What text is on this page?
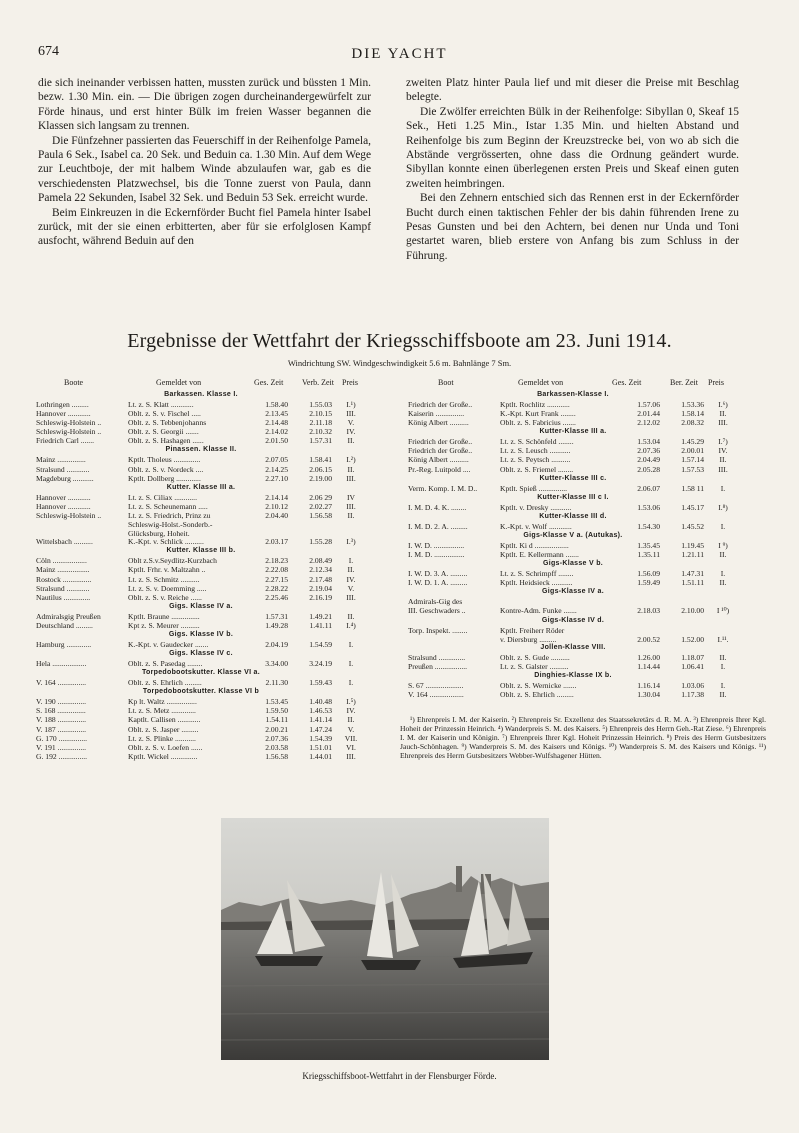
674	DIE YACHT

die sich ineinander verbissen hatten, mussten zurück und büssten 1 Min. bezw. 1.30 Min. ein. — Die übrigen zogen durcheinandergewürfelt zur Förde hinaus, und erst hinter Bülk im freien Wasser begannen die Klassen sich langsam zu trennen.

Die Fünfzehner passierten das Feuerschiff in der Reihenfolge Pamela, Paula 6 Sek., Isabel ca. 20 Sek. und Beduin ca. 1.30 Min. Auf dem Wege zur Leuchtboje, der mit halbem Winde abzulaufen war, gab es die verschiedensten Platzwechsel, bis die Tonne zuerst von Paula, dann Pamela 22 Sekunden, Isabel 32 Sek. und Beduin 53 Sek. erreicht wurde.

Beim Einkreuzen in die Eckernförder Bucht fiel Pamela hinter Isabel zurück, mit der sie einen erbitterten, aber für sie erfolglosen Kampf ausfocht, während Beduin auf den

zweiten Platz hinter Paula lief und mit dieser die Preise mit Beschlag belegte.

Die Zwölfer erreichten Bülk in der Reihenfolge: Sibyllan 0, Skeaf 15 Sek., Heti 1.25 Min., Istar 1.35 Min. und hielten Abstand und Reihenfolge bis zum Beginn der Kreuzstrecke bei, von wo ab sich die Abstände vergrösserten, ohne dass die Ordnung geändert wurde. Sibyllan konnte einen überlegenen ersten Preis und Skeaf einen guten zweiten heimbringen.

Bei den Zehnern entschied sich das Rennen erst in der Eckernförder Bucht durch einen taktischen Fehler der bis dahin führenden Irene zu Pesas Gunsten und bei den Achtern, bei denen nur Unda und Toni gestartet waren, blieb erstere von Anfang bis zum Schluss in der Führung.

Ergebnisse der Wettfahrt der Kriegsschiffsboote am 23. Juni 1914.
Windrichtung SW. Windgeschwindigkeit 5.6 m. Bahnlänge 7 Sm.
Boote	Gemeldet von	Ges. Zeit Verb. Zeit Preis
Barkassen. Klasse I.
Lothringen .........	Lt. z. S. Klatt ............	1.58.40	1.55.03	I.¹)
Hannover ............	Oblt. z. S. v. Fischel .....	2.13.45	2.10.15	III.
Schleswig-Holstein ..	Oblt. z. S. Tebbenjohanns	2.14.48	2.11.18	V.
Schleswig-Holstein ..	Oblt. z. S. Georgii .......	2.14.02	2.10.32	IV.
Friedrich Carl .......	Oblt. z. S. Hashagen ......	2.01.50	1.57.31	II.
Pinassen. Klasse II.
Mainz ...............	Kptlt. Tholeus ..............	2.07.05	1.58.41	I.²)
Stralsund ............	Oblt. z. S. v. Nordeck ....	2.14.25	2.06.15	II.
Magdeburg ...........	Kptlt. Dollberg .............	2.27.10	2.19.00	III.
Kutter. Klasse III a.
Hannover ............	Lt. z. S. Ciliax ............	2.14.14	2.06 29	IV
Hannover ............	Lt. z. S. Scheunemann .....	2.10.12	2.02.27	III.
Schleswig-Holstein ..	Lt. z. S. Friedrich, Prinz zu	2.04.40	1.56.58	II.
Schleswig-Holst.-Sonderb.-
Glücksburg, Hoheit.
Wittelsbach ..........	K.-Kpt. v. Schlick ..........	2.03.17	1.55.28	I.³)
Kutter. Klasse III b.
Cöln ..................	Oblt z.S.v.Seydlitz-Kurzbach	2.18.23	2.08.49	I.
Mainz .................	Kptlt. Frhr. v. Maltzahn ..	2.22.08	2.12.34	II.
Rostock ...............	Lt. z. S. Schmitz ..........	2.27.15	2.17.48	IV.
Stralsund ............	Lt. z. S. v. Doemming .....	2.28.22	2.19.04	V.
Nautilus ..............	Oblt. z. S. v. Reiche ......	2.25.46	2.16.19	III.
Gigs. Klasse IV a.
Admiralsgig Preußen	Kptlt. Braune ...............	1.57.31	1.49.21	II.
Deutschland .........	Kpt z. S. Meurer ..........	1.49.28	1.41.11	I.⁴)
Gigs. Klasse IV b.
Hamburg .............	K.-Kpt. v. Gaudecker .......	2.04.19	1.54.59	I.
Gigs. Klasse IV c.
Hela ..................	Oblt. z. S. Pasedag ........	3.34.00	3.24.19	I.
Torpedobootskutter. Klasse VI a.
V. 164 ...............	Oblt. z. S. Ehrlich .........	2.11.30	1.59.43	I.
Torpedobootskutter. Klasse VI b
V. 190 ...............	Kp lt. Waltz ................	1.53.45	1.40.48	I.⁵)
S. 168 ...............	Lt. z. S. Metz .............	1.59.50	1.46.53	IV.
V. 188 ...............	Kaptlt. Callisen ............	1.54.11	1.41.14	II.
V. 187 ...............	Oblt. z. S. Jasper .........	2.00.21	1.47.24	V.
G. 170 ...............	Lt. z. S. Plinke ...........	2.07.36	1.54.39	VII.
V. 191 ...............	Oblt. z. S. v. Loefen ......	2.03.58	1.51.01	VI.
G. 192 ...............	Kptlt. Wickel ..............	1.56.58	1.44.01	III.
Boot	Gemeldet von	Ges. Zeit	Ber. Zeit Preis
Barkassen-Klasse I.
Friedrich der Große..	Kptlt. Rochlitz ............	1.57.06	1.53.36	I.⁶)
Kaiserin ...............	K.-Kpt. Kurt Frank ........	2.01.44	1.58.14	II.
König Albert ..........	Oblt. z. S. Fabricius .......	2.12.02	2.08.32	III.
Kutter-Klasse III a.
Friedrich der Große..	Lt. z. S. Schönfeld ........	1.53.04	1.45.29	I.⁷)
Friedrich der Große..	Lt. z. S. Leusch ...........	2.07.36	2.00.01	IV.
König Albert ..........	Lt. z. S. Peytsch ..........	2.04.49	1.57.14	II.
Pr.-Reg. Luitpold ....	Oblt. z. S. Friemel ........	2.05.28	1.57.53	III.
Kutter-Klasse III c.
Verm. Komp. I. M. D..	Kptlt. Spieß ...............	2.06.07	1.58 11	I.
Kutter-Klasse III c I.
I. M. D. 4. K. ........	Kptlt. v. Dresky ...........	1.53.06	1.45.17	I.⁸)
Kutter-Klasse III d.
I. M. D. 2. A. .........	K.-Kpt. v. Wolf ............	1.54.30	1.45.52	I.
Gigs-Klasse V a. (Autukas).
I. W. D. ................	Kptlt. Ki d ..................	1.35.45	1.19.45	I ⁹)
I. M. D. ................	Kptlt. E. Kellermann .......	1.35.11	1.21.11	II.
Gigs-Klasse V b.
I. W. D. 3. A. .........	Lt. z. S. Schrimpff ........	1.56.09	1.47.31	I.
I. W. D. 1. A. .........	Kptlt. Heidsieck ...........	1.59.49	1.51.11	II.
Gigs-Klasse IV a.
Admirals-Gig des
III. Geschwaders ..	Kontre-Adm. Funke .......	2.18.03	2.10.00	I ¹⁰)
Gigs-Klasse IV d.
Torp. Inspekt. ........	Kptlt. Freiherr Röder
v. Diersburg .........	2.00.52	1.52.00	I.¹¹.
Jollen-Klasse VIII.
Stralsund ..............	Oblt. z. S. Gude ..........	1.26.00	1.18.07	II.
Preußen .................	Lt. z. S. Galster ..........	1.14.44	1.06.41	I.
Dinghies-Klasse IX b.
S. 67 ....................	Oblt. z. S. Wernicke .......	1.16.14	1.03.06	I.
V. 164 ..................	Oblt. z. S. Ehrlich .........	1.30.04	1.17.38	II.

¹) Ehrenpreis I. M. der Kaiserin. ²) Ehrenpreis Sr. Exzellenz des Staatssekretärs d. R. M. A. ³) Ehrenpreis Ihrer Kgl. Hoheit der Prinzessin Heinrich. ⁴) Wanderpreis S. M. des Kaisers. ⁵) Ehrenpreis des Herrn Geh.-Rat Ziese. ⁶) Ehrenpreis I. M. der Kaiserin und Königin. ⁷) Ehrenpreis Ihrer Kgl. Hoheit Prinzessin Heinrich. ⁸) Preis des Herrn Gutsbesitzers Jauch-Schönhagen. ⁹) Wanderpreis S. M. des Kaisers und Königs. ¹⁰) Wanderpreis S. M. des Kaisers und Königs. ¹¹) Ehrenpreis des Herrn Gutsbesitzers Webber-Wulfshagener Hütten.

Kriegsschiffsboot-Wettfahrt in der Flensburger Förde.
